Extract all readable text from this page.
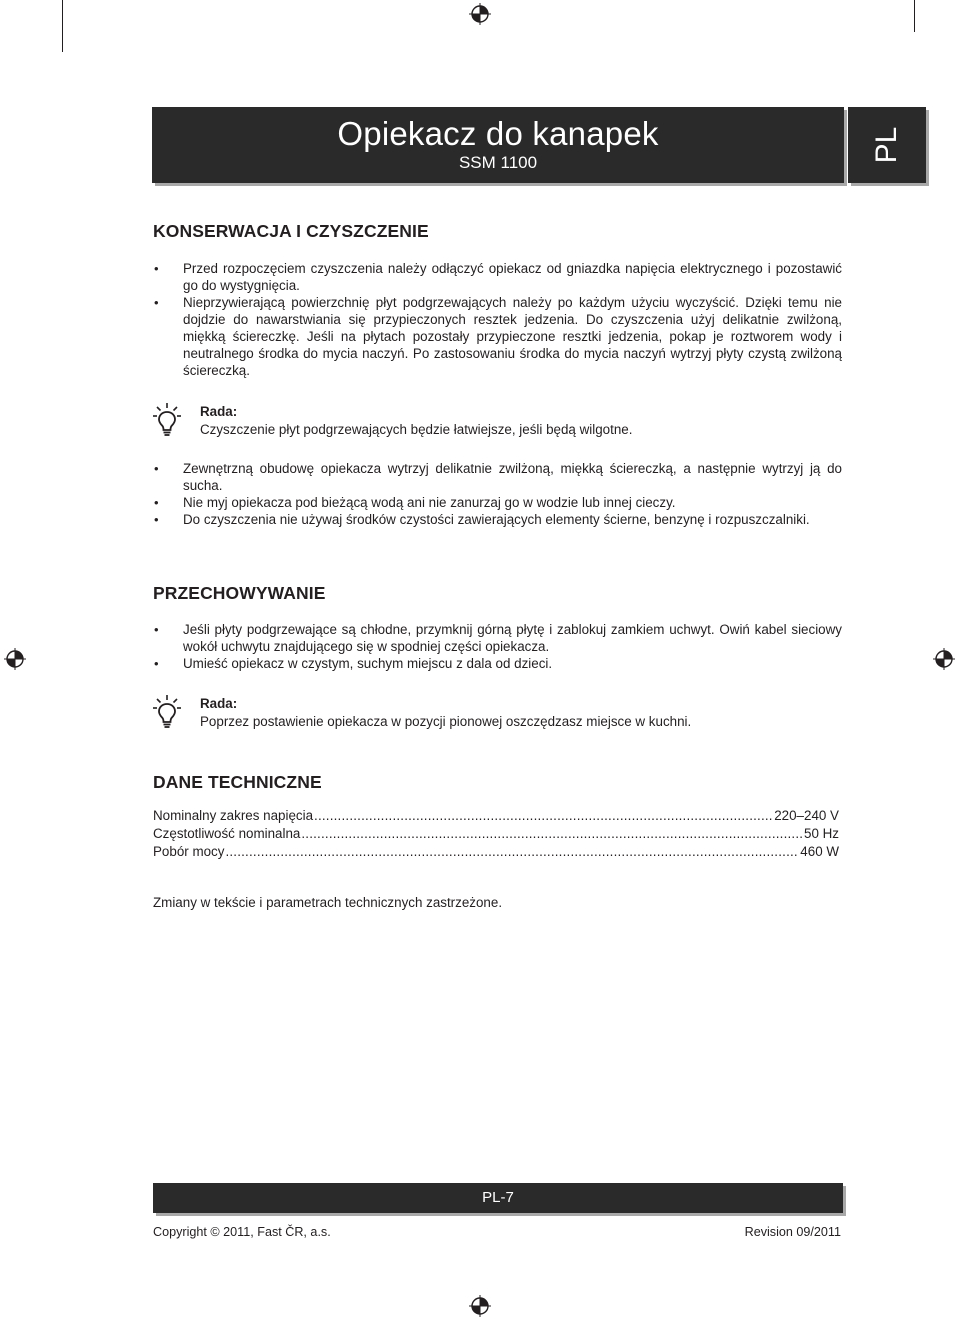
Opiekacz do kanapek
SSM 1100	PL
KONSERWACJA I CZYSZCZENIE
• Przed rozpoczęciem czyszczenia należy odłączyć opiekacz od gniazdka napięcia elektrycznego i pozostawić go do wystygnięcia.
• Nieprzywierającą powierzchnię płyt podgrzewających należy po każdym użyciu wyczyścić. Dzięki temu nie dojdzie do nawarstwiania się przypieczonych resztek jedzenia. Do czyszczenia użyj delikatnie zwilżoną, miękką ściereczkę. Jeśli na płytach pozostały przypieczone resztki jedzenia, pokap je roztworem wody i neutralnego środka do mycia naczyń. Po zastosowaniu środka do mycia naczyń wytrzyj płyty czystą zwilżoną ściereczką.
Rada:
Czyszczenie płyt podgrzewających będzie łatwiejsze, jeśli będą wilgotne.
• Zewnętrzną obudowę opiekacza wytrzyj delikatnie zwilżoną, miękką ściereczką, a następnie wytrzyj ją do sucha.
• Nie myj opiekacza pod bieżącą wodą ani nie zanurzaj go w wodzie lub innej cieczy.
• Do czyszczenia nie używaj środków czystości zawierających elementy ścierne, benzynę i rozpuszczalniki.
PRZECHOWYWANIE
• Jeśli płyty podgrzewające są chłodne, przymknij górną płytę i zablokuj zamkiem uchwyt. Owiń kabel sieciowy wokół uchwytu znajdującego się w spodniej części opiekacza.
• Umieść opiekacz w czystym, suchym miejscu z dala od dzieci.
Rada:
Poprzez postawienie opiekacza w pozycji pionowej oszczędzasz miejsce w kuchni.
DANE TECHNICZNE
Nominalny zakres napięcia .....	220–240 V
Częstotliwość nominalna .....	50 Hz
Pobór mocy .....	460 W
Zmiany w tekście i parametrach technicznych zastrzeżone.
PL-7
Copyright © 2011, Fast ČR, a.s.	Revision 09/2011
